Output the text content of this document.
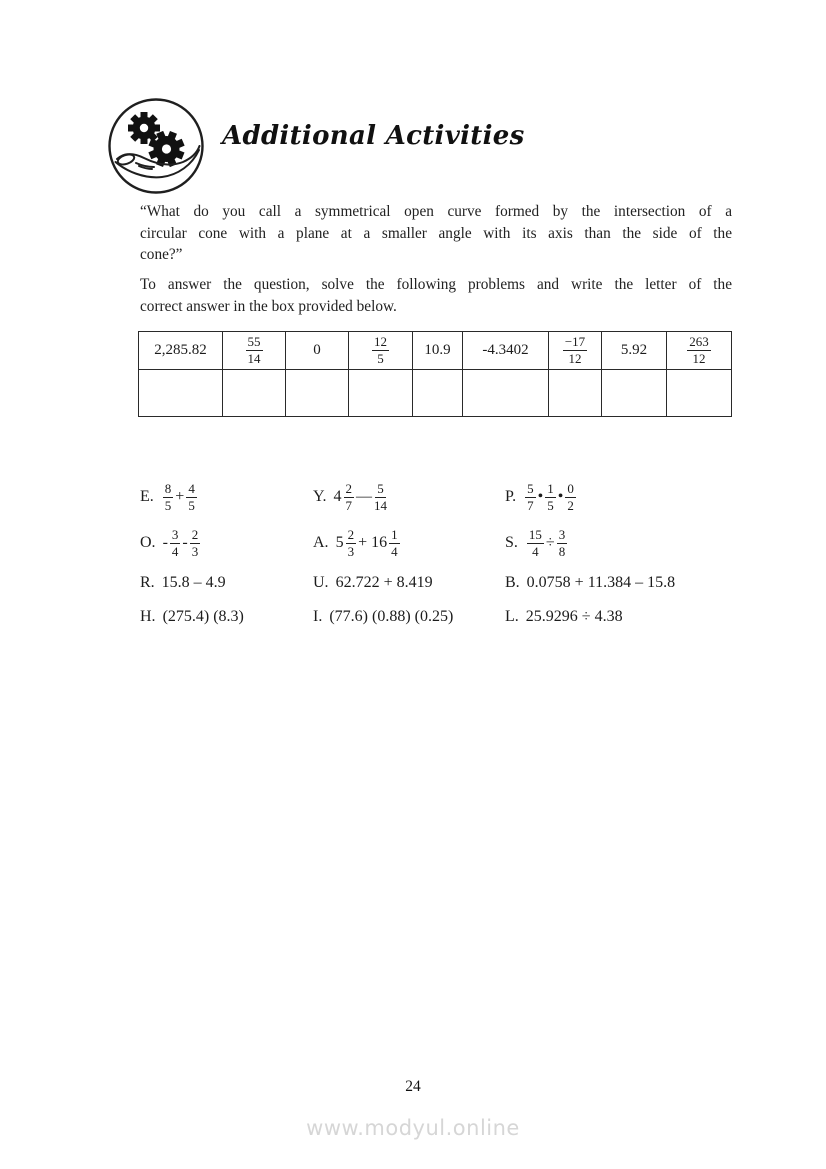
Additional Activities
“What do you call a symmetrical open curve formed by the intersection of a
circular cone with a plane at a smaller angle with its axis than the side of the
cone?”
To answer the question, solve the following problems and write the letter of the
correct answer in the box provided below.
2,285.82	$\frac{55}{14}$	0	$\frac{12}{5}$	10.9	-4.3402	$\frac{-17}{12}$	5.92	$\frac{263}{12}$

E. $\frac{8}{5} + \frac{4}{5}$	Y. $4 \frac{2}{7}$ — $\frac{5}{14}$	P. $\frac{5}{7}$ • $\frac{1}{5}$ • $\frac{0}{2}$
O. - $\frac{3}{4} - \frac{2}{3}$	A. $5 \frac{2}{3} + 16 \frac{1}{4}$	S. $\frac{15}{4} \div \frac{3}{8}$
R. 15.8 – 4.9	U. 62.722 + 8.419	B. 0.0758 + 11.384 – 15.8
H. (275.4) (8.3)	I. (77.6) (0.88) (0.25)	L. 25.9296 ÷ 4.38
24
www.modyul.online
